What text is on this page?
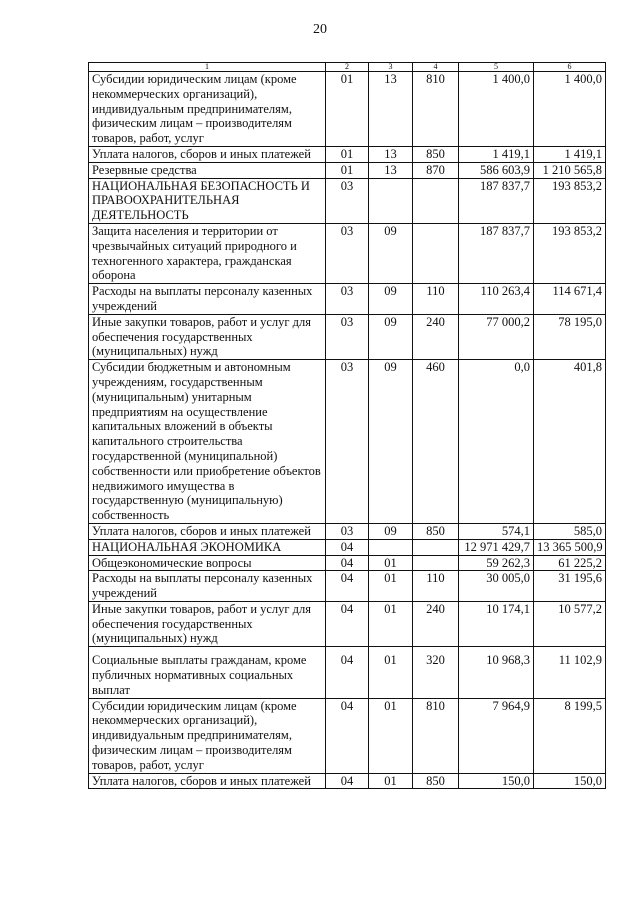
20
1	2	3	4	5	6
Субсидии юридическим лицам (кроме некоммерческих организаций), индивидуальным предпринимателям, физическим лицам – производителям товаров, работ, услуг	01	13	810	1 400,0	1 400,0
Уплата налогов, сборов и иных платежей	01	13	850	1 419,1	1 419,1
Резервные средства	01	13	870	586 603,9	1 210 565,8
НАЦИОНАЛЬНАЯ БЕЗОПАСНОСТЬ И ПРАВООХРАНИТЕЛЬНАЯ ДЕЯТЕЛЬНОСТЬ	03			187 837,7	193 853,2
Защита населения и территории от чрезвычайных ситуаций природного и техногенного характера, гражданская оборона	03	09		187 837,7	193 853,2
Расходы на выплаты персоналу казенных учреждений	03	09	110	110 263,4	114 671,4
Иные закупки товаров, работ и услуг для обеспечения государственных (муниципальных) нужд	03	09	240	77 000,2	78 195,0
Субсидии бюджетным и автономным учреждениям, государственным (муниципальным) унитарным предприятиям на осуществление капитальных вложений в объекты капитального строительства государственной (муниципальной) собственности или приобретение объектов недвижимого имущества в государственную (муниципальную) собственность	03	09	460	0,0	401,8
Уплата налогов, сборов и иных платежей	03	09	850	574,1	585,0
НАЦИОНАЛЬНАЯ ЭКОНОМИКА	04			12 971 429,7	13 365 500,9
Общеэкономические вопросы	04	01		59 262,3	61 225,2
Расходы на выплаты персоналу казенных учреждений	04	01	110	30 005,0	31 195,6
Иные закупки товаров, работ и услуг для обеспечения государственных (муниципальных) нужд	04	01	240	10 174,1	10 577,2
Социальные выплаты гражданам, кроме публичных нормативных социальных выплат	04	01	320	10 968,3	11 102,9
Субсидии юридическим лицам (кроме некоммерческих организаций), индивидуальным предпринимателям, физическим лицам – производителям товаров, работ, услуг	04	01	810	7 964,9	8 199,5
Уплата налогов, сборов и иных платежей	04	01	850	150,0	150,0
